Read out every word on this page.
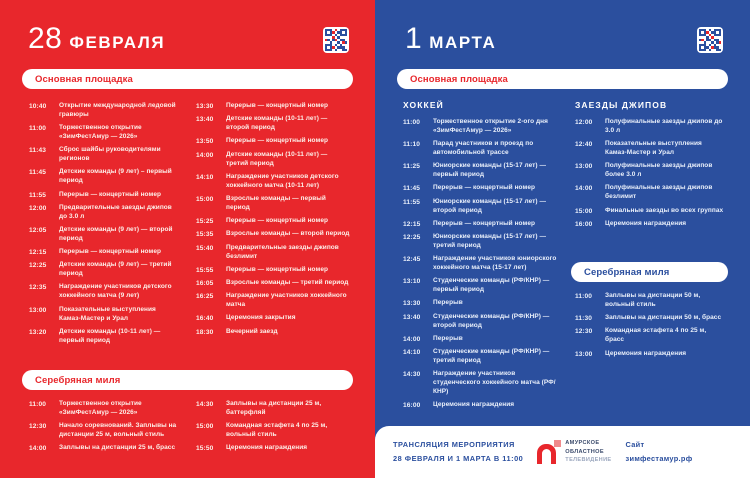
28 ФЕВРАЛЯ
Основная площадка
10:40	Открытие международной ледовой гравюры
11:00	Торжественное открытие «ЗимФестАмур — 2026»
11:43	Сброс шайбы руководителями регионов
11:45	Детские команды (9 лет) – первый период
11:55	Перерыв — концертный номер
12:00	Предварительные заезды джипов до 3.0 л
12:05	Детские команды (9 лет) — второй период
12:15	Перерыв — концертный номер
12:25	Детские команды (9 лет) — третий период
12:35	Награждение участников детского хоккейного матча (9 лет)
13:00	Показательные выступления Камаз-Мастер и Урал
13:20	Детские команды (10-11 лет) — первый период
13:30	Перерыв — концертный номер
13:40	Детские команды (10-11 лет) — второй период
13:50	Перерыв — концертный номер
14:00	Детские команды (10-11 лет) — третий период
14:10	Награждение участников детского хоккейного матча (10-11 лет)
15:00	Взрослые команды — первый период
15:25	Перерыв — концертный номер
15:35	Взрослые команды — второй период
15:40	Предварительные заезды джипов безлимит
15:55	Перерыв — концертный номер
16:05	Взрослые команды — третий период
16:25	Награждение участников хоккейного матча
16:40	Церемония закрытия
18:30	Вечерний заезд
Серебряная миля
11:00	Торжественное открытие «ЗимФестАмур — 2026»
12:30	Начало соревнований. Заплывы на дистанции 25 м, вольный стиль
14:00	Заплывы на дистанции 25 м, брасс
14:30	Заплывы на дистанции 25 м, баттерфляй
15:00	Командная эстафета 4 по 25 м, вольный стиль
15:50	Церемония награждения
1 МАРТА
Основная площадка
ХОККЕЙ	ЗАЕЗДЫ ДЖИПОВ
11:00	Торжественное открытие 2-ого дня «ЗимФестАмур — 2026»
11:10	Парад участников и проезд по автомобильной трассе
11:25	Юниорские команды (15-17 лет) — первый период
11:45	Перерыв — концертный номер
11:55	Юниорские команды (15-17 лет) — второй период
12:15	Перерыв — концертный номер
12:25	Юниорские команды (15-17 лет) — третий период
12:45	Награждение участников юниорского хоккейного матча (15-17 лет)
13:10	Студенческие команды (РФ/КНР) — первый период
13:30	Перерыв
13:40	Студенческие команды (РФ/КНР) — второй период
14:00	Перерыв
14:10	Студенческие команды (РФ/КНР) — третий период
14:30	Награждение участников студенческого хоккейного матча (РФ/КНР)
16:00	Церемония награждения
12:00	Полуфинальные заезды джипов до 3.0 л
12:40	Показательные выступления Камаз-Мастер и Урал
13:00	Полуфинальные заезды джипов более 3.0 л
14:00	Полуфинальные заезды джипов безлимит
15:00	Финальные заезды во всех группах
16:00	Церемония награждения
Серебряная миля
11:00	Заплывы на дистанции 50 м, вольный стиль
11:30	Заплывы на дистанции 50 м, брасс
12:30	Командная эстафета 4 по 25 м, брасс
13:00	Церемония награждения
ТРАНСЛЯЦИЯ МЕРОПРИЯТИЯ
28 ФЕВРАЛЯ И 1 МАРТА В 11:00
АМУРСКОЕ
ОБЛАСТНОЕ
ТЕЛЕВИДЕНИЕ
Сайт
зимфестамур.рф
